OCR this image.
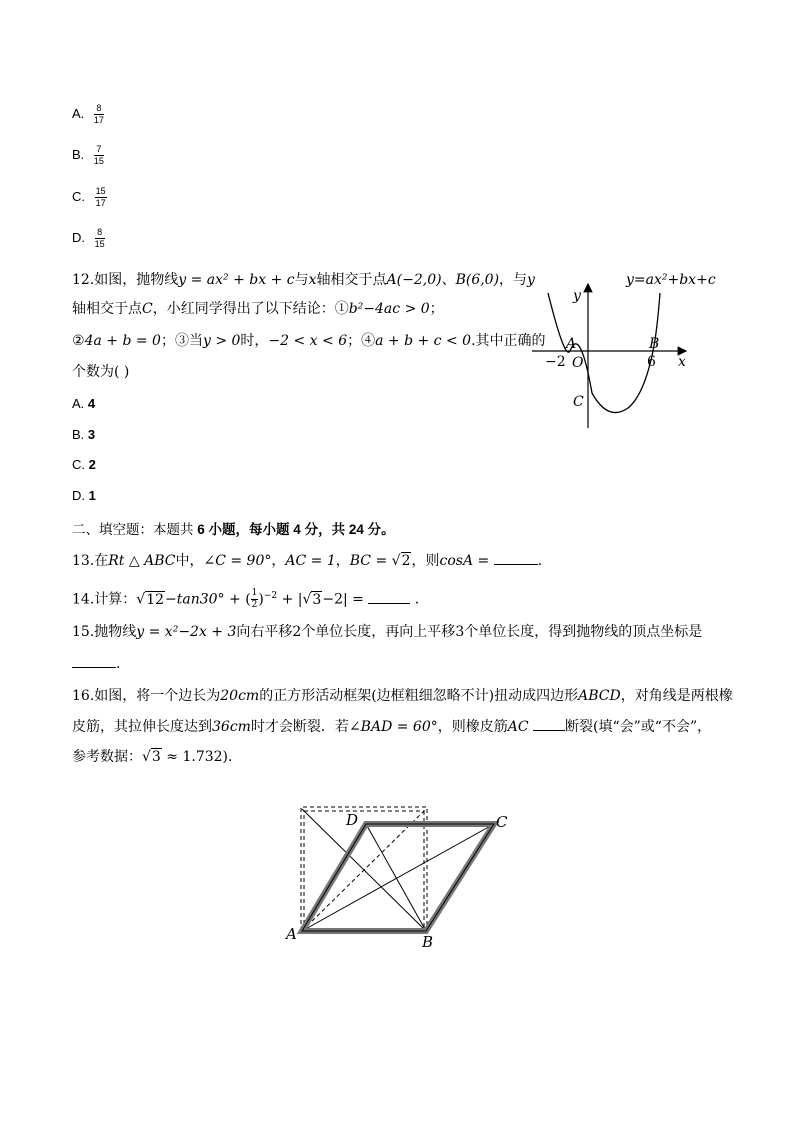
A. $\frac{8}{17}$
B. $\frac{7}{15}$
C. $\frac{15}{17}$
D. $\frac{8}{15}$
12.如图，抛物线y = ax² + bx + c与x轴相交于点A(−2,0)、B(6,0)，与y
轴相交于点C，小红同学得出了以下结论：①b²−4ac > 0；
②4a + b = 0；③当y > 0时，−2 < x < 6；④a + b + c < 0.其中正确的
个数为( )
A. 4
B. 3
C. 2
D. 1
y=ax²+bx+c
y
x
A	B
C
O
−2	6
二、填空题：本题共 6 小题，每小题 4 分，共 24 分。
13.在Rt △ ABC中，∠C = 90°，AC = 1，BC = √2，则cosA =	.
14.计算：√12−tan30° + ( $\frac{1}{2} )^{-2} + |√3-2|$ =	.
15.抛物线y = x²−2x + 3向右平移2个单位长度，再向上平移3个单位长度，得到抛物线的顶点坐标是
.
16.如图，将一个边长为20cm的正方形活动框架(边框粗细忽略不计)扭动成四边形ABCD，对角线是两根橡
皮筋，其拉伸长度达到36cm时才会断裂．若∠BAD = 60°，则橡皮筋AC	断裂(填“会”或“不会”，
参考数据：√3 ≈ 1.732)．
A	B
C
D
